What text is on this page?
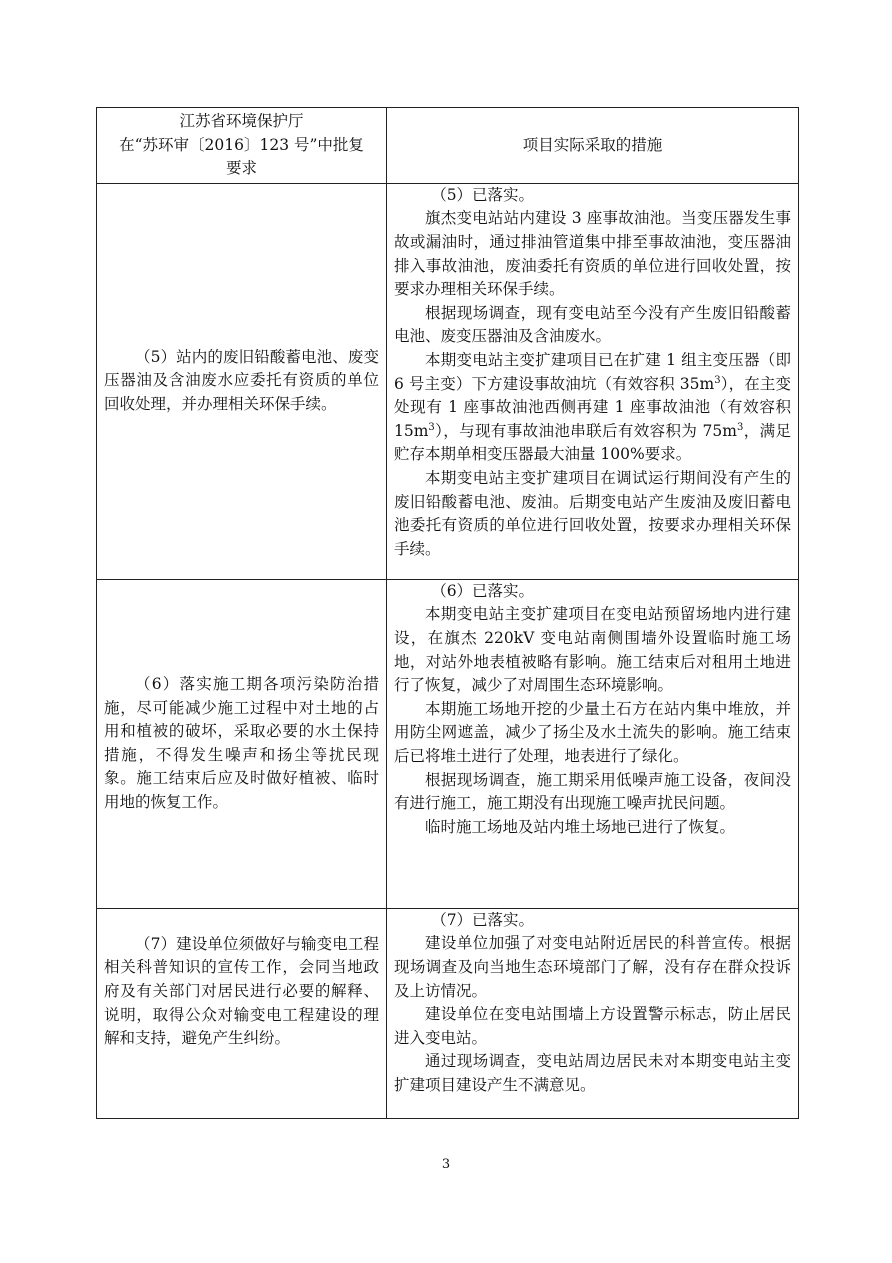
江苏省环境保护厅
在“苏环审〔2016〕123 号”中批复
要求	项目实际采取的措施

（5）站内的废旧铅酸蓄电池、废变压器油及含油废水应委托有资质的单位回收处理，并办理相关环保手续。	（5）已落实。

旗杰变电站站内建设 3 座事故油池。当变压器发生事故或漏油时，通过排油管道集中排至事故油池，变压器油排入事故油池，废油委托有资质的单位进行回收处置，按要求办理相关环保手续。

根据现场调查，现有变电站至今没有产生废旧铅酸蓄电池、废变压器油及含油废水。

本期变电站主变扩建项目已在扩建 1 组主变压器（即 6 号主变）下方建设事故油坑（有效容积 $35m^3$），在主变处现有 1 座事故油池西侧再建 1 座事故油池（有效容积 $15m^3$），与现有事故油池串联后有效容积为 $75m^3$，满足贮存本期单相变压器最大油量 100%要求。

本期变电站主变扩建项目在调试运行期间没有产生的废旧铅酸蓄电池、废油。后期变电站产生废油及废旧蓄电池委托有资质的单位进行回收处置，按要求办理相关环保手续。

（6）落实施工期各项污染防治措施，尽可能减少施工过程中对土地的占用和植被的破坏，采取必要的水土保持措施，不得发生噪声和扬尘等扰民现象。施工结束后应及时做好植被、临时用地的恢复工作。	（6）已落实。

本期变电站主变扩建项目在变电站预留场地内进行建设，在旗杰 220kV 变电站南侧围墙外设置临时施工场地，对站外地表植被略有影响。施工结束后对租用土地进行了恢复，减少了对周围生态环境影响。

本期施工场地开挖的少量土石方在站内集中堆放，并用防尘网遮盖，减少了扬尘及水土流失的影响。施工结束后已将堆土进行了处理，地表进行了绿化。

根据现场调查，施工期采用低噪声施工设备，夜间没有进行施工，施工期没有出现施工噪声扰民问题。

临时施工场地及站内堆土场地已进行了恢复。

（7）建设单位须做好与输变电工程相关科普知识的宣传工作，会同当地政府及有关部门对居民进行必要的解释、说明，取得公众对输变电工程建设的理解和支持，避免产生纠纷。	（7）已落实。

建设单位加强了对变电站附近居民的科普宣传。根据现场调查及向当地生态环境部门了解，没有存在群众投诉及上访情况。

建设单位在变电站围墙上方设置警示标志，防止居民进入变电站。

通过现场调查，变电站周边居民未对本期变电站主变扩建项目建设产生不满意见。

3
